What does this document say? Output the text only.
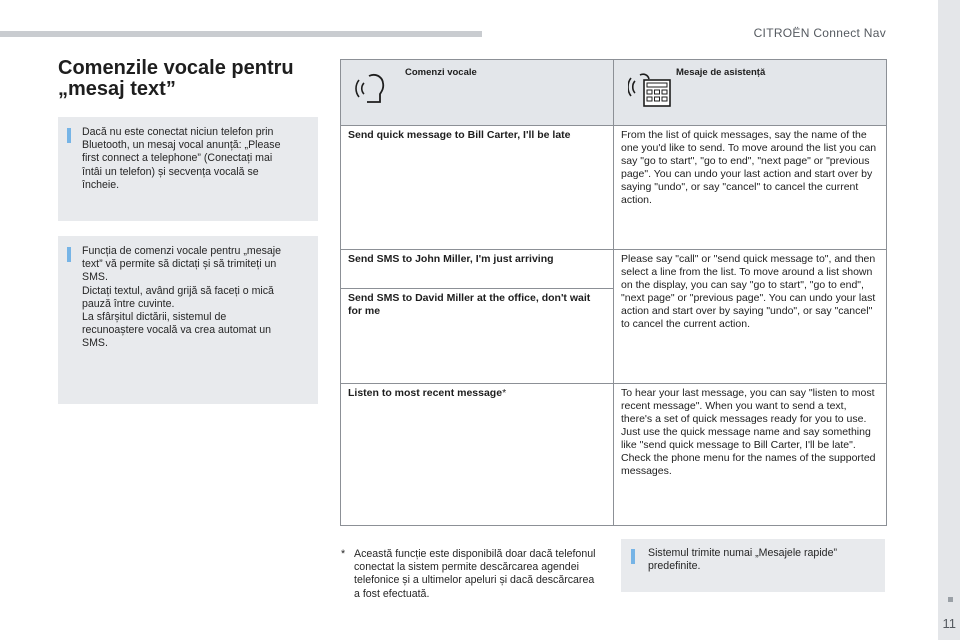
CITROËN Connect Nav
11
Comenzile vocale pentru
„mesaj text”

Dacă nu este conectat niciun telefon prin
Bluetooth, un mesaj vocal anunță: „Please
first connect a telephone” (Conectați mai
întâi un telefon) și secvența vocală se
încheie.

Funcția de comenzi vocale pentru „mesaje
text” vă permite să dictați și să trimiteți un
SMS.
Dictați textul, având grijă să faceți o mică
pauză între cuvinte.
La sfârșitul dictării, sistemul de
recunoaștere vocală va crea automat un
SMS.

Comenzi vocale	Mesaje de asistență

Send quick message to Bill Carter, I'll be late	From the list of quick messages, say the name of the one you'd like to send. To move around the list you can say "go to start", "go to end", "next page" or "previous page". You can undo your last action and start over by saying "undo", or say "cancel" to cancel the current action.
Send SMS to John Miller, I'm just arriving	Please say "call" or "send quick message to", and then select a line from the list. To move around a list shown on the display, you can say "go to start", "go to end", "next page" or "previous page". You can undo your last action and start over by saying "undo", or say "cancel" to cancel the current action.
Send SMS to David Miller at the office, don't wait for me	
Listen to most recent message*	To hear your last message, you can say "listen to most recent message". When you want to send a text, there's a set of quick messages ready for you to use. Just use the quick message name and say something like "send quick message to Bill Carter, I'll be late". Check the phone menu for the names of the supported messages.
* Această funcție este disponibilă doar dacă telefonul conectat la sistem permite descărcarea agendei telefonice și a ultimelor apeluri și dacă descărcarea a fost efectuată.
Sistemul trimite numai „Mesajele rapide” predefinite.
